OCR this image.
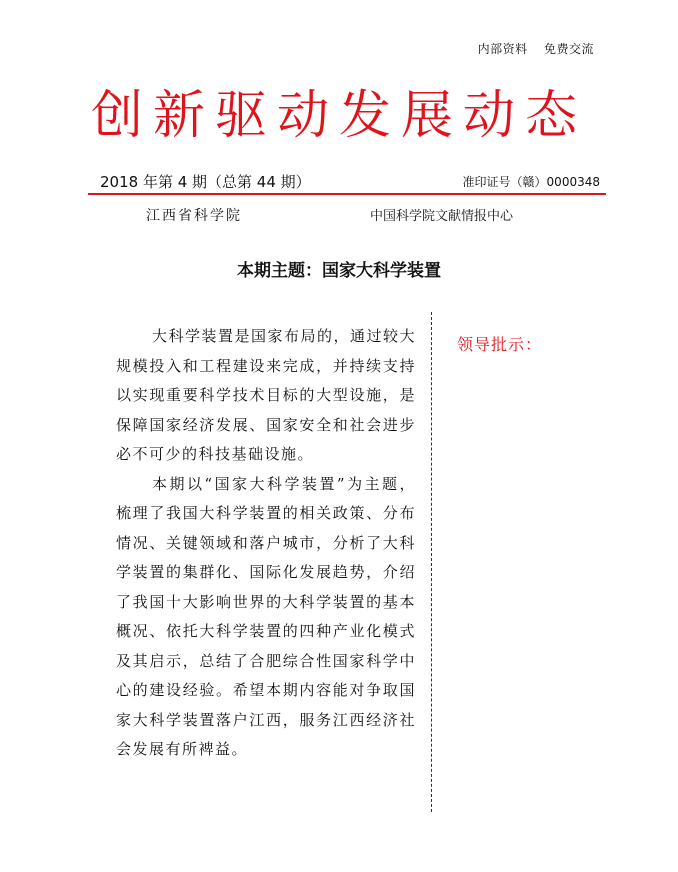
内部资料 免费交流
创新驱动发展动态
2018 年第 4 期（总第 44 期）	准印证号（赣）0000348
江西省科学院	中国科学院文献情报中心
本期主题：国家大科学装置

大科学装置是国家布局的，通过较大规模投入和工程建设来完成，并持续支持以实现重要科学技术目标的大型设施，是保障国家经济发展、国家安全和社会进步必不可少的科技基础设施。

本期以“国家大科学装置”为主题，梳理了我国大科学装置的相关政策、分布情况、关键领域和落户城市，分析了大科学装置的集群化、国际化发展趋势，介绍了我国十大影响世界的大科学装置的基本概况、依托大科学装置的四种产业化模式及其启示，总结了合肥综合性国家科学中心的建设经验。希望本期内容能对争取国家大科学装置落户江西，服务江西经济社会发展有所裨益。

领导批示：
